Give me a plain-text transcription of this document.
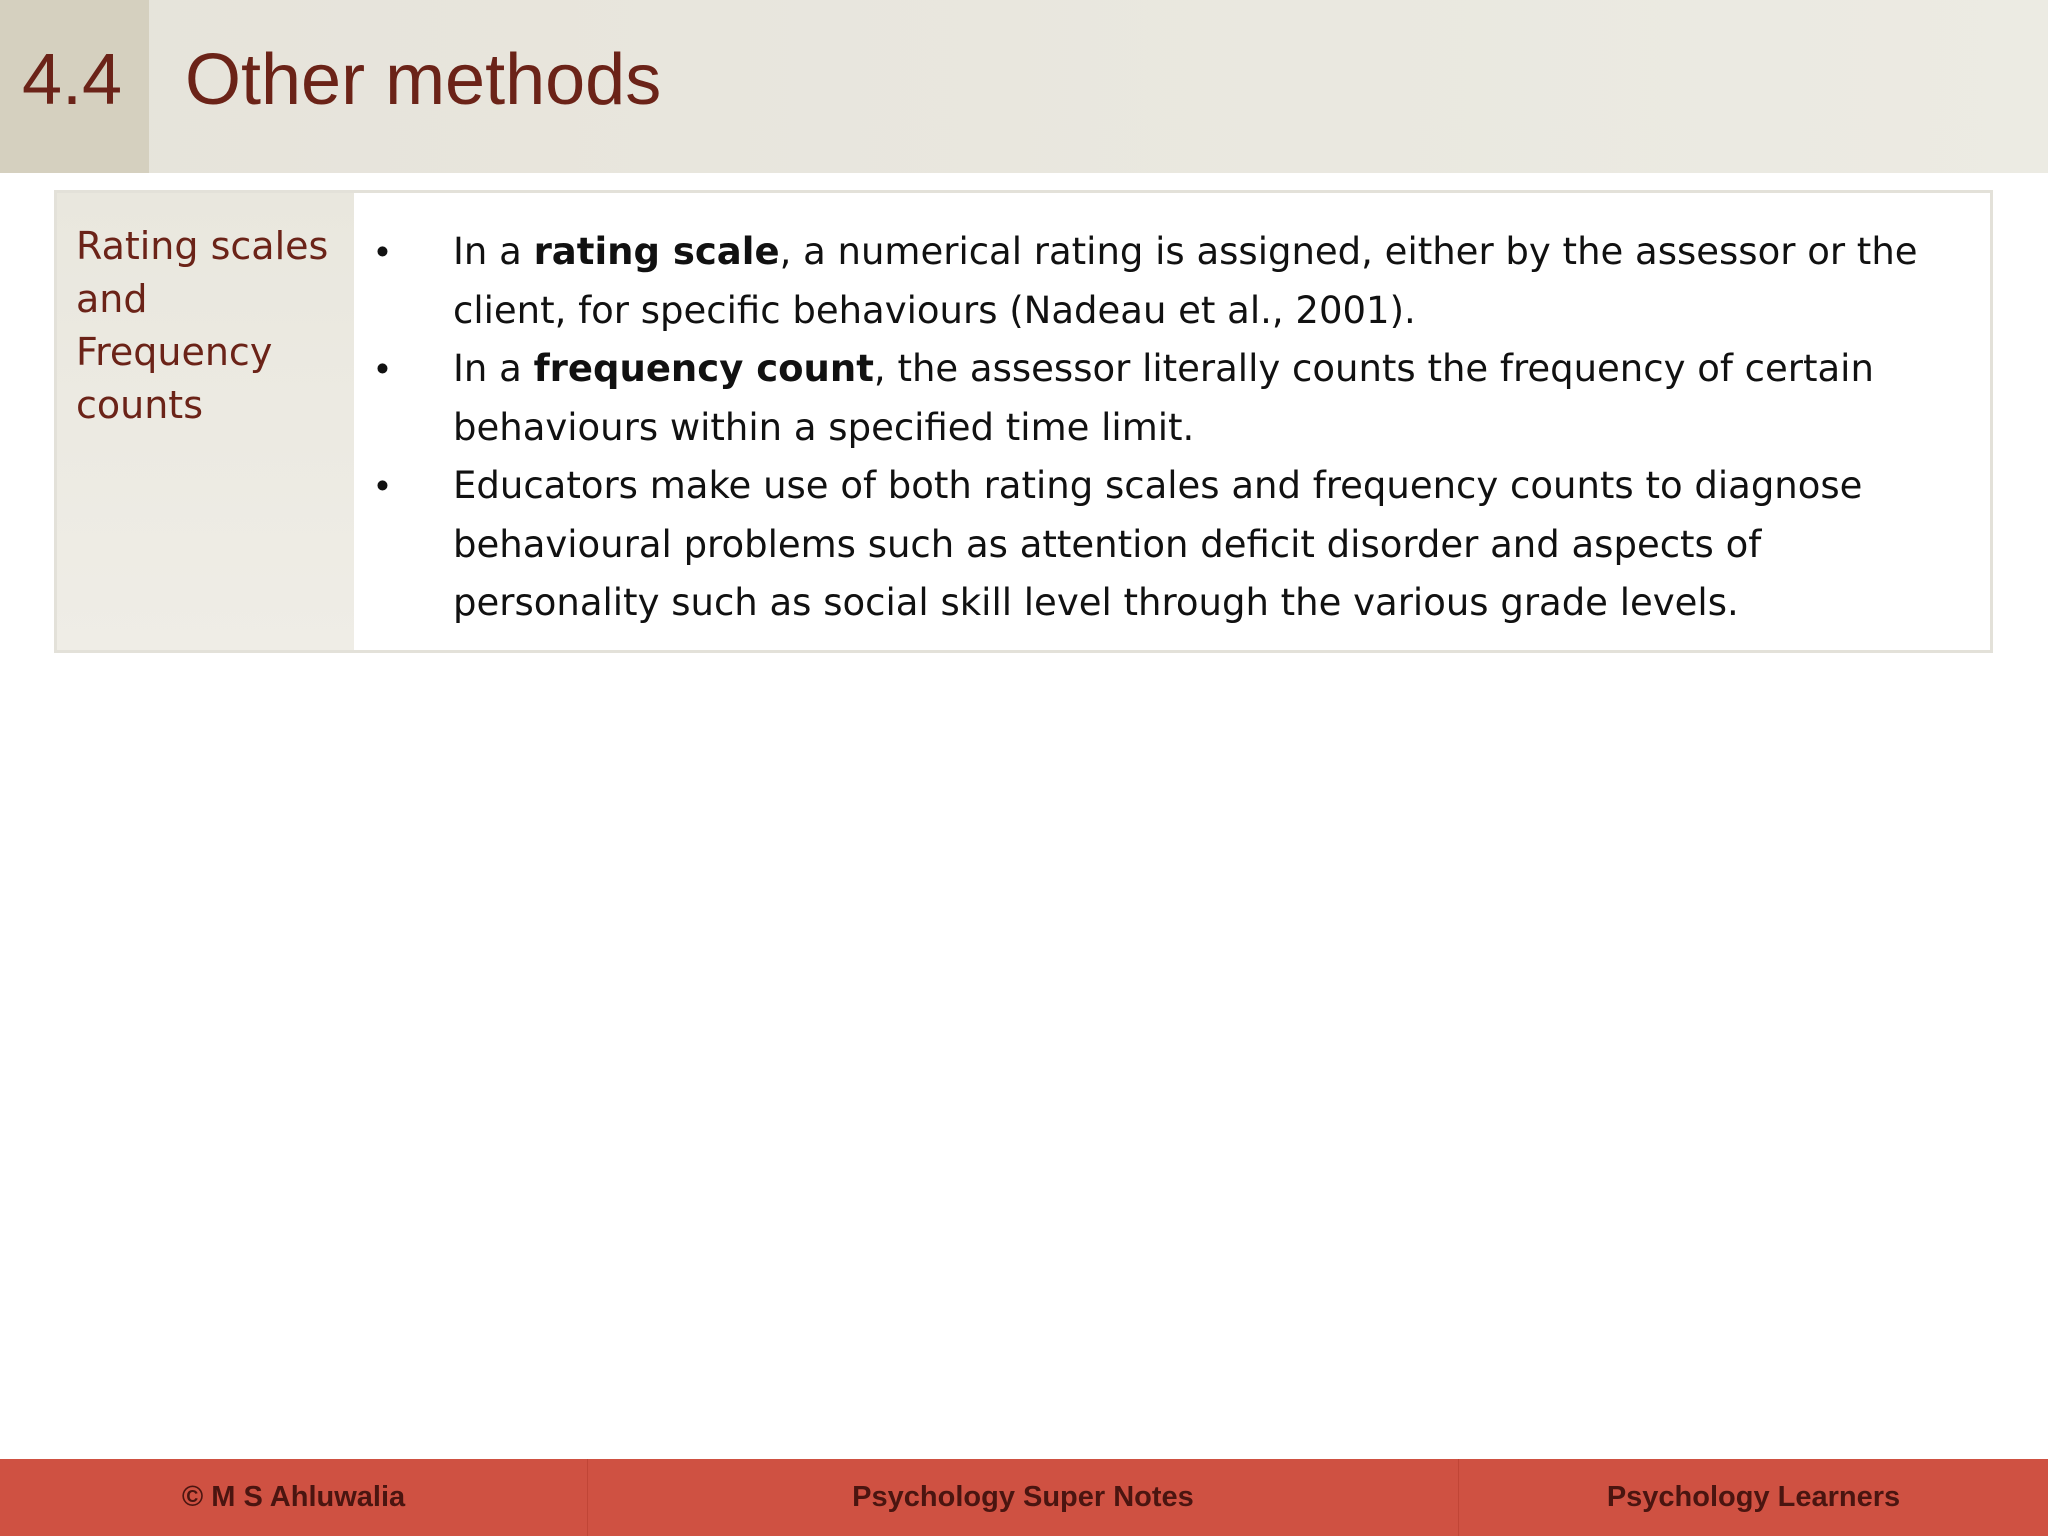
4.4 Other methods
Rating scales and Frequency counts
• In a rating scale, a numerical rating is assigned, either by the assessor or the client, for specific behaviours (Nadeau et al., 2001).
• In a frequency count, the assessor literally counts the frequency of certain behaviours within a specified time limit.
• Educators make use of both rating scales and frequency counts to diagnose behavioural problems such as attention deficit disorder and aspects of personality such as social skill level through the various grade levels.
© M S Ahluwalia	Psychology Super Notes	Psychology Learners
